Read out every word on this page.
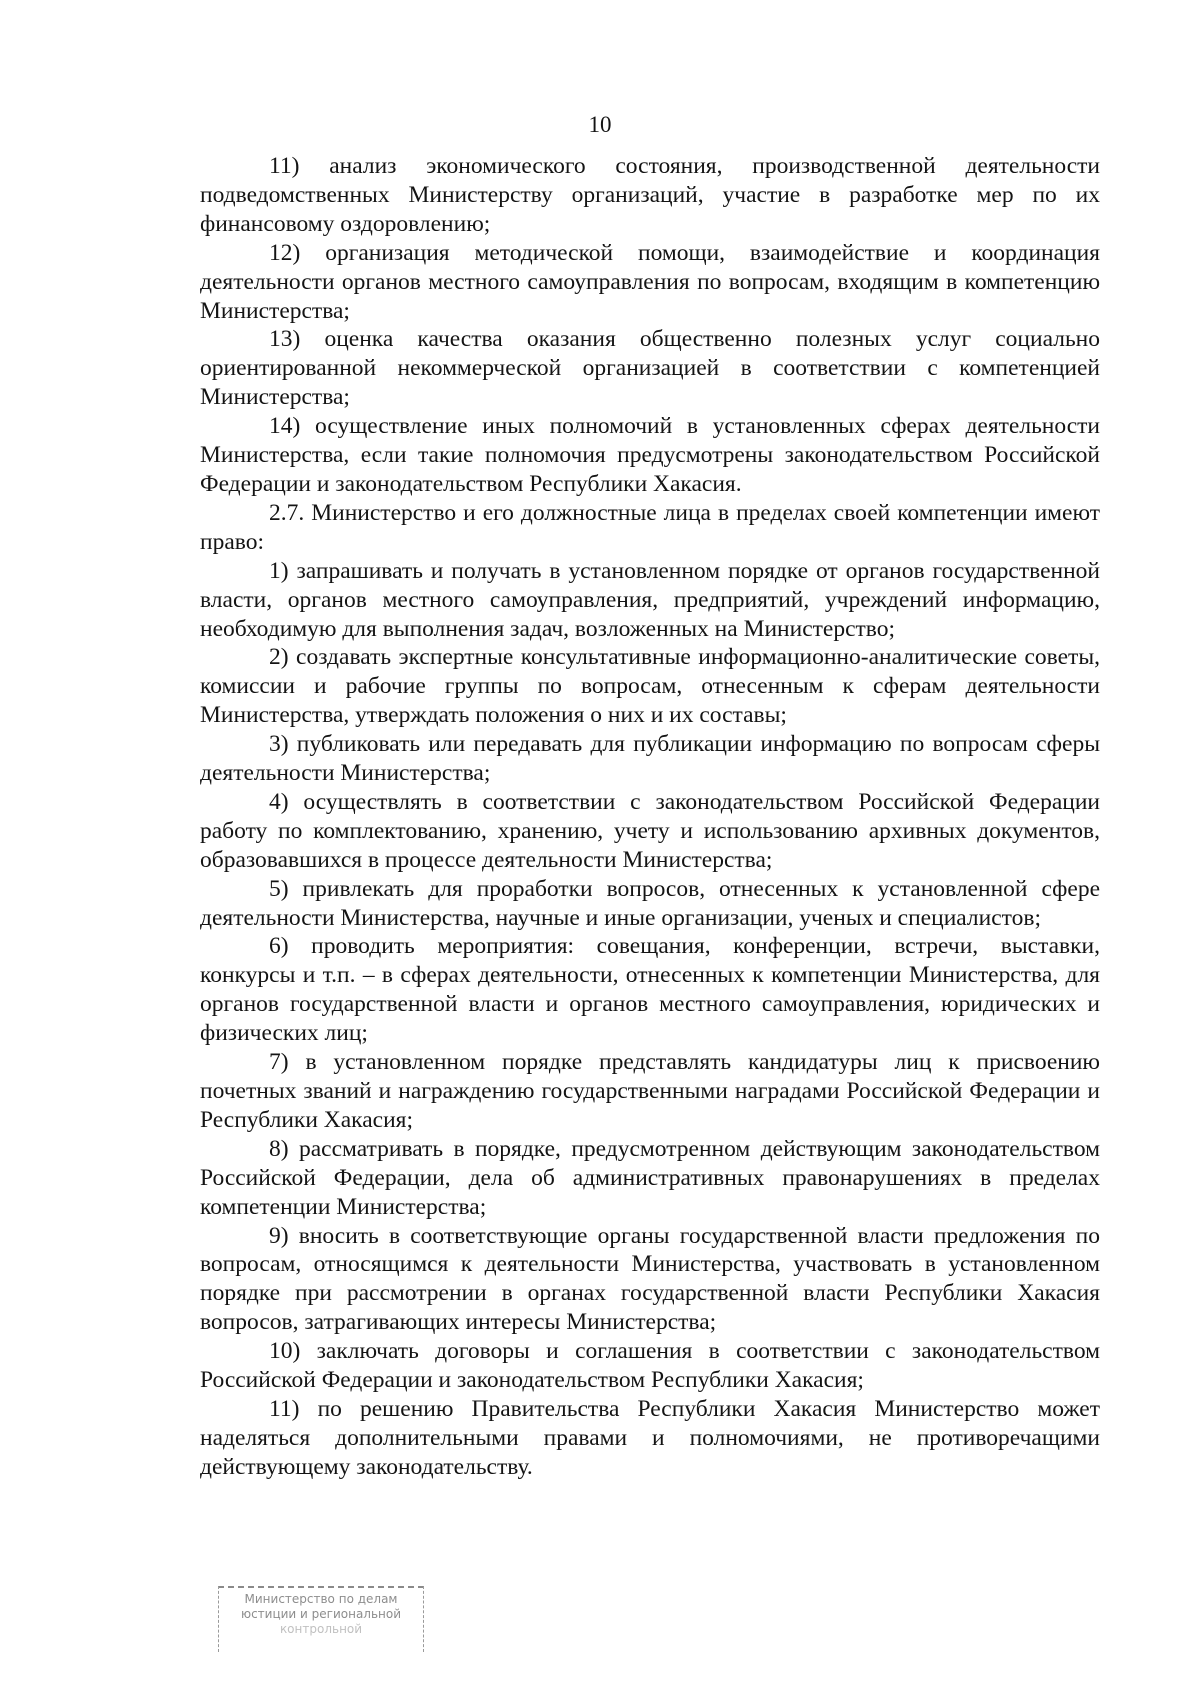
10

11) анализ экономического состояния, производственной деятельности подведомственных Министерству организаций, участие в разработке мер по их финансовому оздоровлению;

12) организация методической помощи, взаимодействие и координация деятельности органов местного самоуправления по вопросам, входящим в компетенцию Министерства;

13) оценка качества оказания общественно полезных услуг социально ориентированной некоммерческой организацией в соответствии с компетенцией Министерства;

14) осуществление иных полномочий в установленных сферах деятельности Министерства, если такие полномочия предусмотрены законодательством Российской Федерации и законодательством Республики Хакасия.

2.7. Министерство и его должностные лица в пределах своей компетенции имеют право:

1) запрашивать и получать в установленном порядке от органов государственной власти, органов местного самоуправления, предприятий, учреждений информацию, необходимую для выполнения задач, возложенных на Министерство;

2) создавать экспертные консультативные информационно-аналитические советы, комиссии и рабочие группы по вопросам, отнесенным к сферам деятельности Министерства, утверждать положения о них и их составы;

3) публиковать или передавать для публикации информацию по вопросам сферы деятельности Министерства;

4) осуществлять в соответствии с законодательством Российской Федерации работу по комплектованию, хранению, учету и использованию архивных документов, образовавшихся в процессе деятельности Министерства;

5) привлекать для проработки вопросов, отнесенных к установленной сфере деятельности Министерства, научные и иные организации, ученых и специалистов;

6) проводить мероприятия: совещания, конференции, встречи, выставки, конкурсы и т.п. – в сферах деятельности, отнесенных к компетенции Министерства, для органов государственной власти и органов местного самоуправления, юридических и физических лиц;

7) в установленном порядке представлять кандидатуры лиц к присвоению почетных званий и награждению государственными наградами Российской Федерации и Республики Хакасия;

8) рассматривать в порядке, предусмотренном действующим законодательством Российской Федерации, дела об административных правонарушениях в пределах компетенции Министерства;

9) вносить в соответствующие органы государственной власти предложения по вопросам, относящимся к деятельности Министерства, участвовать в установленном порядке при рассмотрении в органах государственной власти Республики Хакасия вопросов, затрагивающих интересы Министерства;

10) заключать договоры и соглашения в соответствии с законодательством Российской Федерации и законодательством Республики Хакасия;

11) по решению Правительства Республики Хакасия Министерство может наделяться дополнительными правами и полномочиями, не противоречащими действующему законодательству.

Министерство по делам
юстиции и региональной
контрольной
